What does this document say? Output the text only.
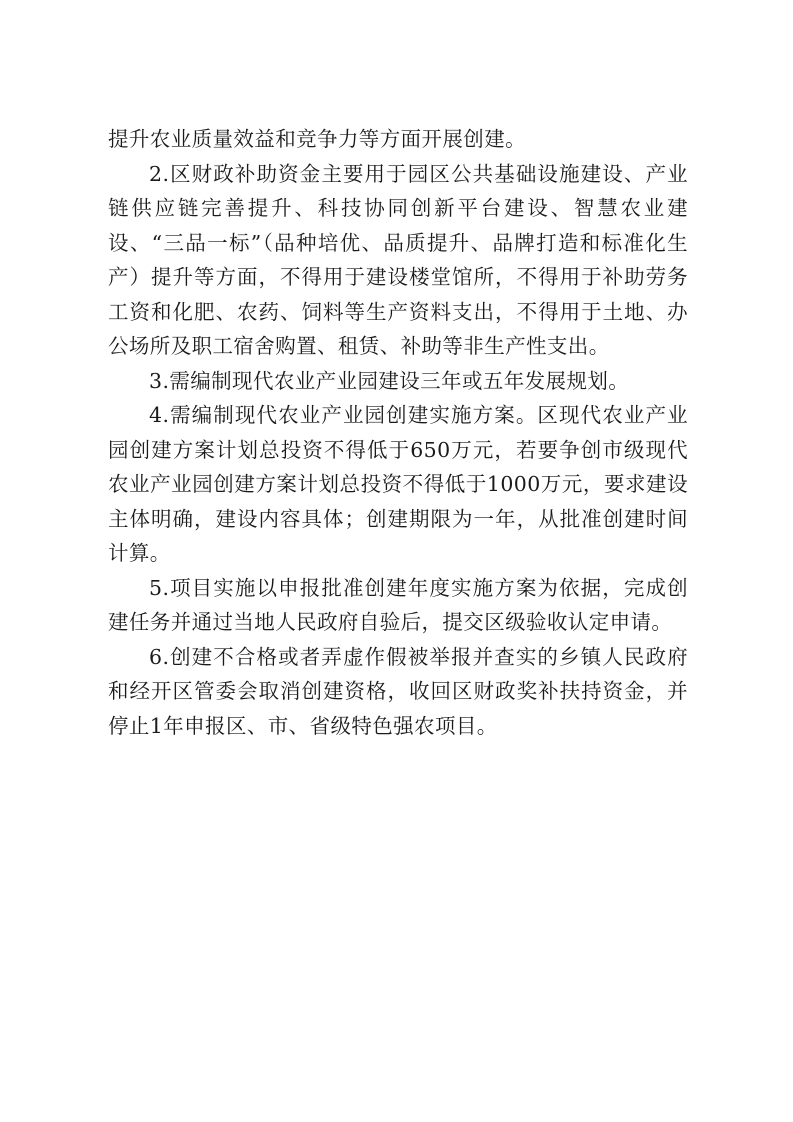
提升农业质量效益和竞争力等方面开展创建。

2.区财政补助资金主要用于园区公共基础设施建设、产业链供应链完善提升、科技协同创新平台建设、智慧农业建设、“三品一标”（品种培优、品质提升、品牌打造和标准化生产）提升等方面，不得用于建设楼堂馆所，不得用于补助劳务工资和化肥、农药、饲料等生产资料支出，不得用于土地、办公场所及职工宿舍购置、租赁、补助等非生产性支出。

3.需编制现代农业产业园建设三年或五年发展规划。

4.需编制现代农业产业园创建实施方案。区现代农业产业园创建方案计划总投资不得低于650万元，若要争创市级现代农业产业园创建方案计划总投资不得低于1000万元，要求建设主体明确，建设内容具体；创建期限为一年，从批准创建时间计算。

5.项目实施以申报批准创建年度实施方案为依据，完成创建任务并通过当地人民政府自验后，提交区级验收认定申请。

6.创建不合格或者弄虚作假被举报并查实的乡镇人民政府和经开区管委会取消创建资格，收回区财政奖补扶持资金，并停止1年申报区、市、省级特色强农项目。
